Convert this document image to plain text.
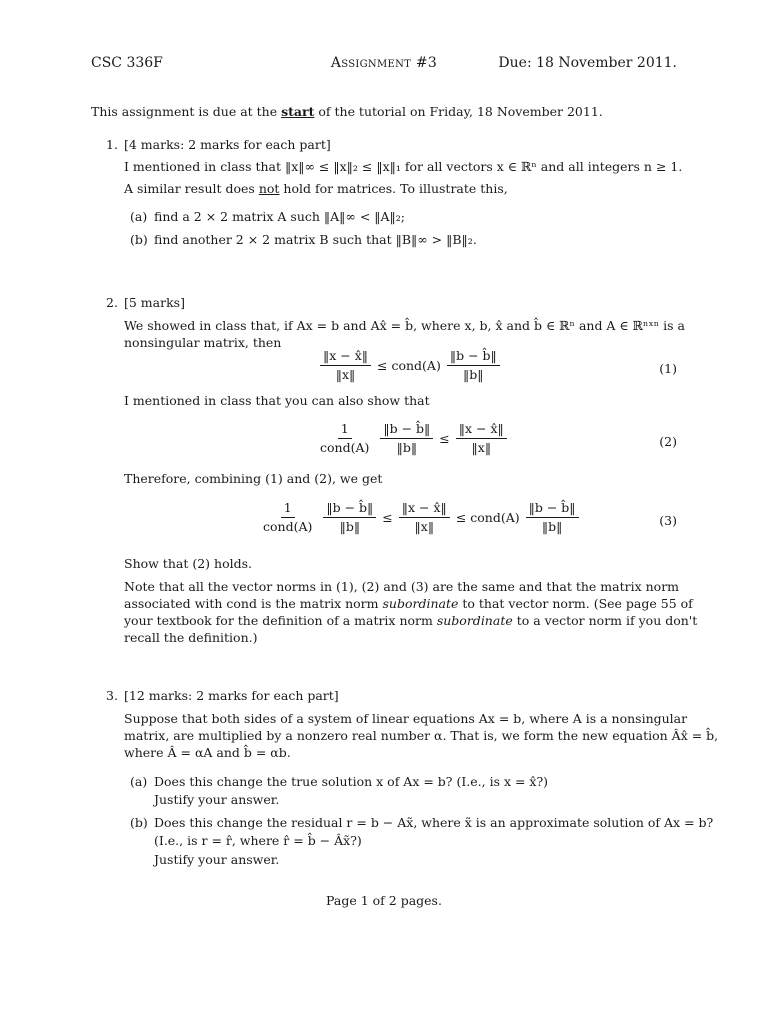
CSC 336F	Assignment #3	Due: 18 November 2011.
This assignment is due at the start of the tutorial on Friday, 18 November 2011.
1. [4 marks: 2 marks for each part]
I mentioned in class that ‖x‖∞ ≤ ‖x‖₂ ≤ ‖x‖₁ for all vectors x ∈ ℝⁿ and all integers n ≥ 1.
A similar result does not hold for matrices. To illustrate this,
(a) find a 2 × 2 matrix A such ‖A‖∞ < ‖A‖₂;
(b) find another 2 × 2 matrix B such that ‖B‖∞ > ‖B‖₂.
2. [5 marks]
We showed in class that, if Ax = b and Ax̂ = b̂, where x, b, x̂ and b̂ ∈ ℝⁿ and A ∈ ℝⁿˣⁿ is a
nonsingular matrix, then
$\frac{‖x - x̂‖}{‖x‖}$ ≤ cond(A) $\frac{‖b - b̂‖}{‖b‖}$	(1)
I mentioned in class that you can also show that
$\frac{1}{\text{cond(A)}} \frac{‖b - b̂‖}{‖b‖} \le \frac{‖x - x̂‖}{‖x‖}$	(2)
Therefore, combining (1) and (2), we get
$\frac{1}{\text{cond(A)}} \frac{‖b - b̂‖}{‖b‖} \le \frac{‖x - x̂‖}{‖x‖}$ ≤ cond(A) $\frac{‖b - b̂‖}{‖b‖}$	(3)
Show that (2) holds.
Note that all the vector norms in (1), (2) and (3) are the same and that the matrix norm
associated with cond is the matrix norm subordinate to that vector norm. (See page 55 of
your textbook for the definition of a matrix norm subordinate to a vector norm if you don't
recall the definition.)
3. [12 marks: 2 marks for each part]
Suppose that both sides of a system of linear equations Ax = b, where A is a nonsingular
matrix, are multiplied by a nonzero real number α. That is, we form the new equation Âx̂ = b̂,
where Â = αA and b̂ = αb.
(a) Does this change the true solution x of Ax = b? (I.e., is x = x̂?)
Justify your answer.
(b) Does this change the residual r = b − Ax̃, where x̃ is an approximate solution of Ax = b?
(I.e., is r = r̂, where r̂ = b̂ − Âx̃?)
Justify your answer.
Page 1 of 2 pages.
